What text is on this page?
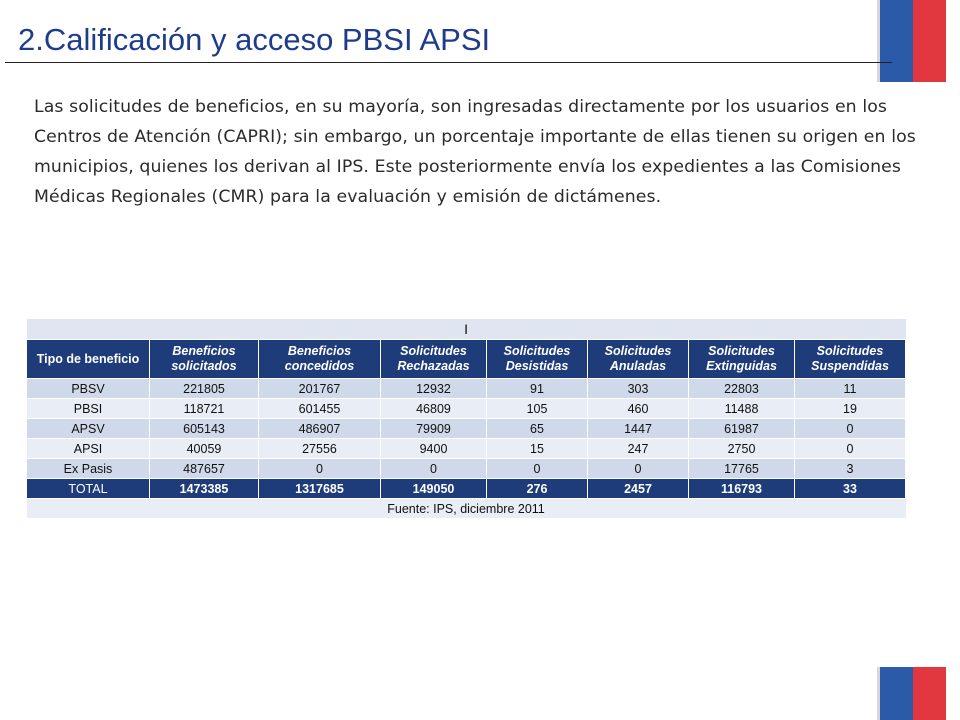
2.Calificación y acceso PBSI APSI

Las solicitudes de beneficios, en su mayoría, son ingresadas directamente por los usuarios en los Centros de Atención (CAPRI); sin embargo, un porcentaje importante de ellas tienen su origen en los municipios, quienes los derivan al IPS. Este posteriormente envía los expedientes a las Comisiones Médicas Regionales (CMR) para la evaluación y emisión de dictámenes.

I							
Tipo de beneficio	Beneficios solicitados	Beneficios concedidos	Solicitudes Rechazadas	Solicitudes Desistidas	Solicitudes Anuladas	Solicitudes Extinguidas	Solicitudes Suspendidas
PBSV	221805	201767	12932	91	303	22803	11
PBSI	118721	601455	46809	105	460	11488	19
APSV	605143	486907	79909	65	1447	61987	0
APSI	40059	27556	9400	15	247	2750	0
Ex Pasis	487657	0	0	0	0	17765	3
TOTAL	1473385	1317685	149050	276	2457	116793	33
Fuente: IPS, diciembre 2011							
